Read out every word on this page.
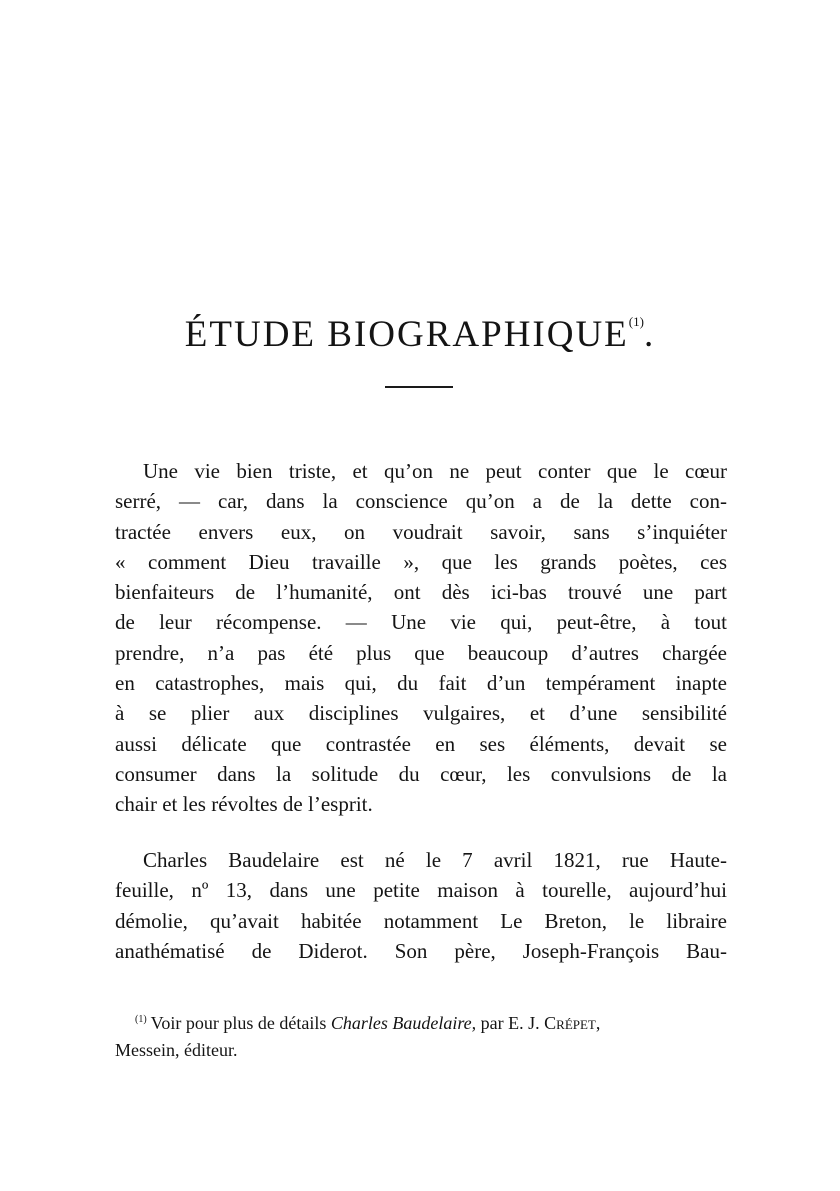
ÉTUDE BIOGRAPHIQUE$^{(1)}$.

Une vie bien triste, et qu’on ne peut conter que le cœur
serré, — car, dans la conscience qu’on a de la dette con-
tractée envers eux, on voudrait savoir, sans s’inquiéter
« comment Dieu travaille », que les grands poètes, ces
bienfaiteurs de l’humanité, ont dès ici-bas trouvé une part
de leur récompense. — Une vie qui, peut-être, à tout
prendre, n’a pas été plus que beaucoup d’autres chargée
en catastrophes, mais qui, du fait d’un tempérament inapte
à se plier aux disciplines vulgaires, et d’une sensibilité
aussi délicate que contrastée en ses éléments, devait se
consumer dans la solitude du cœur, les convulsions de la
chair et les révoltes de l’esprit.

Charles Baudelaire est né le 7 avril 1821, rue Haute-
feuille, nº 13, dans une petite maison à tourelle, aujourd’hui
démolie, qu’avait habitée notamment Le Breton, le libraire
anathématisé de Diderot. Son père, Joseph-François Bau-

$^{(1)}$ Voir pour plus de détails Charles Baudelaire, par E. J. Crépet,
Messein, éditeur.
